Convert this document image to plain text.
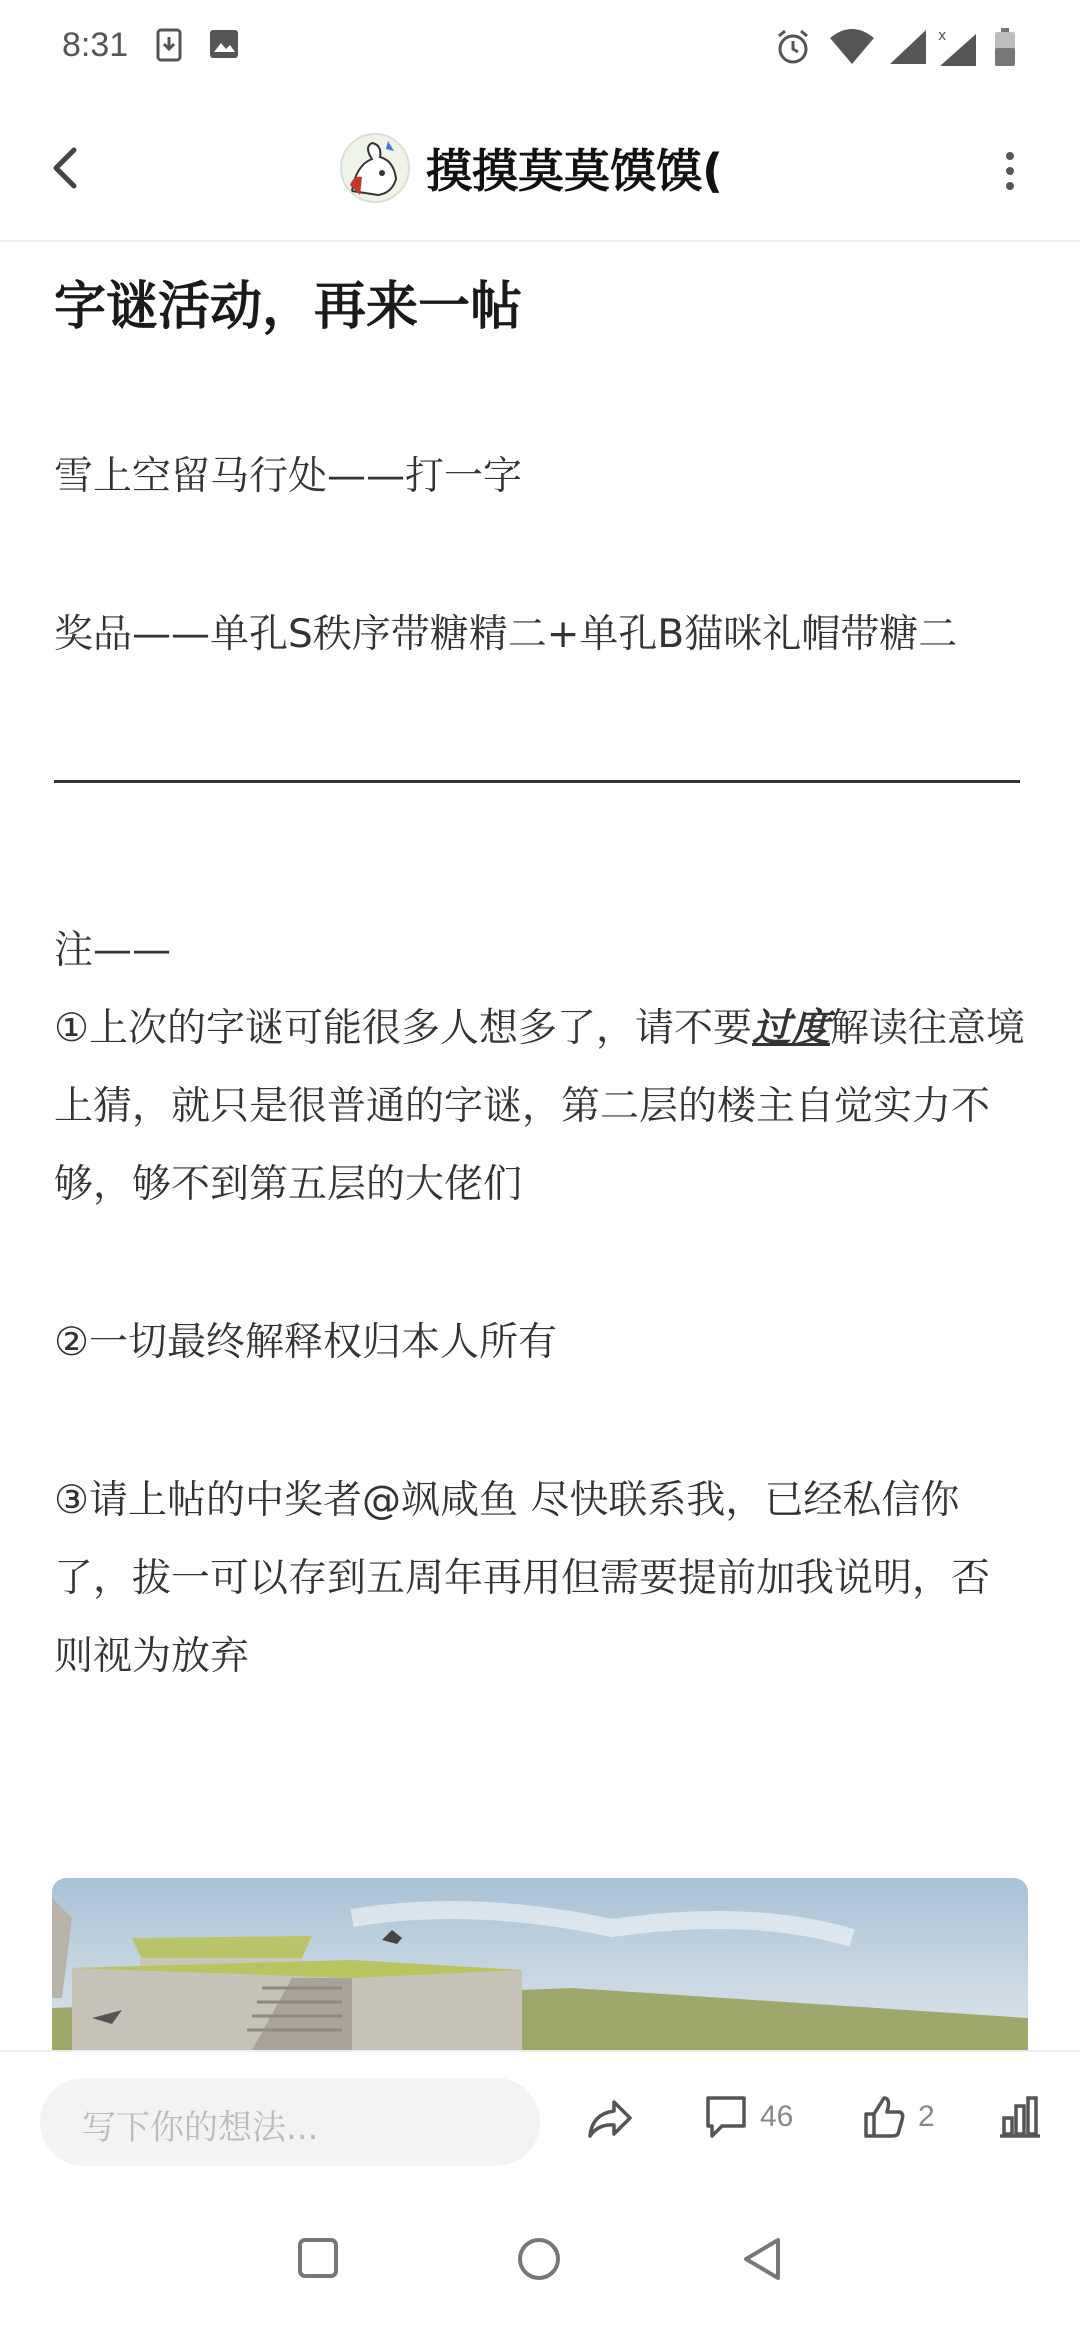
8:31	x
摸摸莫莫馍馍(
字谜活动，再来一帖
雪上空留马行处——打一字
奖品——单孔S秩序带糖精二+单孔B猫咪礼帽带糖二
注——
①上次的字谜可能很多人想多了，请不要过度解读往意境上猜，就只是很普通的字谜，第二层的楼主自觉实力不够，够不到第五层的大佬们
②一切最终解释权归本人所有
③请上帖的中奖者@飒咸鱼 尽快联系我，已经私信你了，拔一可以存到五周年再用但需要提前加我说明，否则视为放弃
写下你的想法...	46	2
